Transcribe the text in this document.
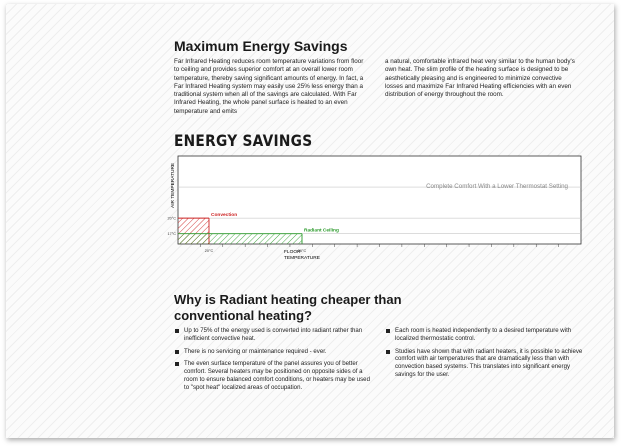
Maximum Energy Savings
Far Infrared Heating reduces room temperature variations from floor to ceiling and provides superior comfort at an overall lower room temperature, thereby saving significant amounts of energy. In fact, a Far Infrared Heating system may easily use 25% less energy than a traditional system when all of the savings are calculated. With Far Infrared Heating, the whole panel surface is heated to an even temperature and emits
a natural, comfortable infrared heat very similar to the human body's own heat. The slim profile of the heating surface is designed to be aesthetically pleasing and is engineered to minimize convective losses and maximize Far Infrared Heating efficiencies with an even distribution of energy throughout the room.
ENERGY SAVINGS
Convection
Radiant Ceiling
20°C
17°C
20°C	26°C
AIR TEMPERATURE
FLOOR
TEMPERATURE
Complete Comfort With a Lower Thermostat Setting
Why is Radiant heating cheaper than conventional heating?
Up to 75% of the energy used is converted into radiant rather than inefficient convective heat.
There is no servicing or maintenance required - ever.
The even surface temperature of the panel assures you of better comfort. Several heaters may be positioned on opposite sides of a room to ensure balanced comfort conditions, or heaters may be used to "spot heat" localized areas of occupation.
Each room is heated independently to a desired temperature with localized thermostatic control.
Studies have shown that with radiant heaters, it is possible to achieve comfort with air temperatures that are dramatically less than with convection based systems. This translates into significant energy savings for the user.
